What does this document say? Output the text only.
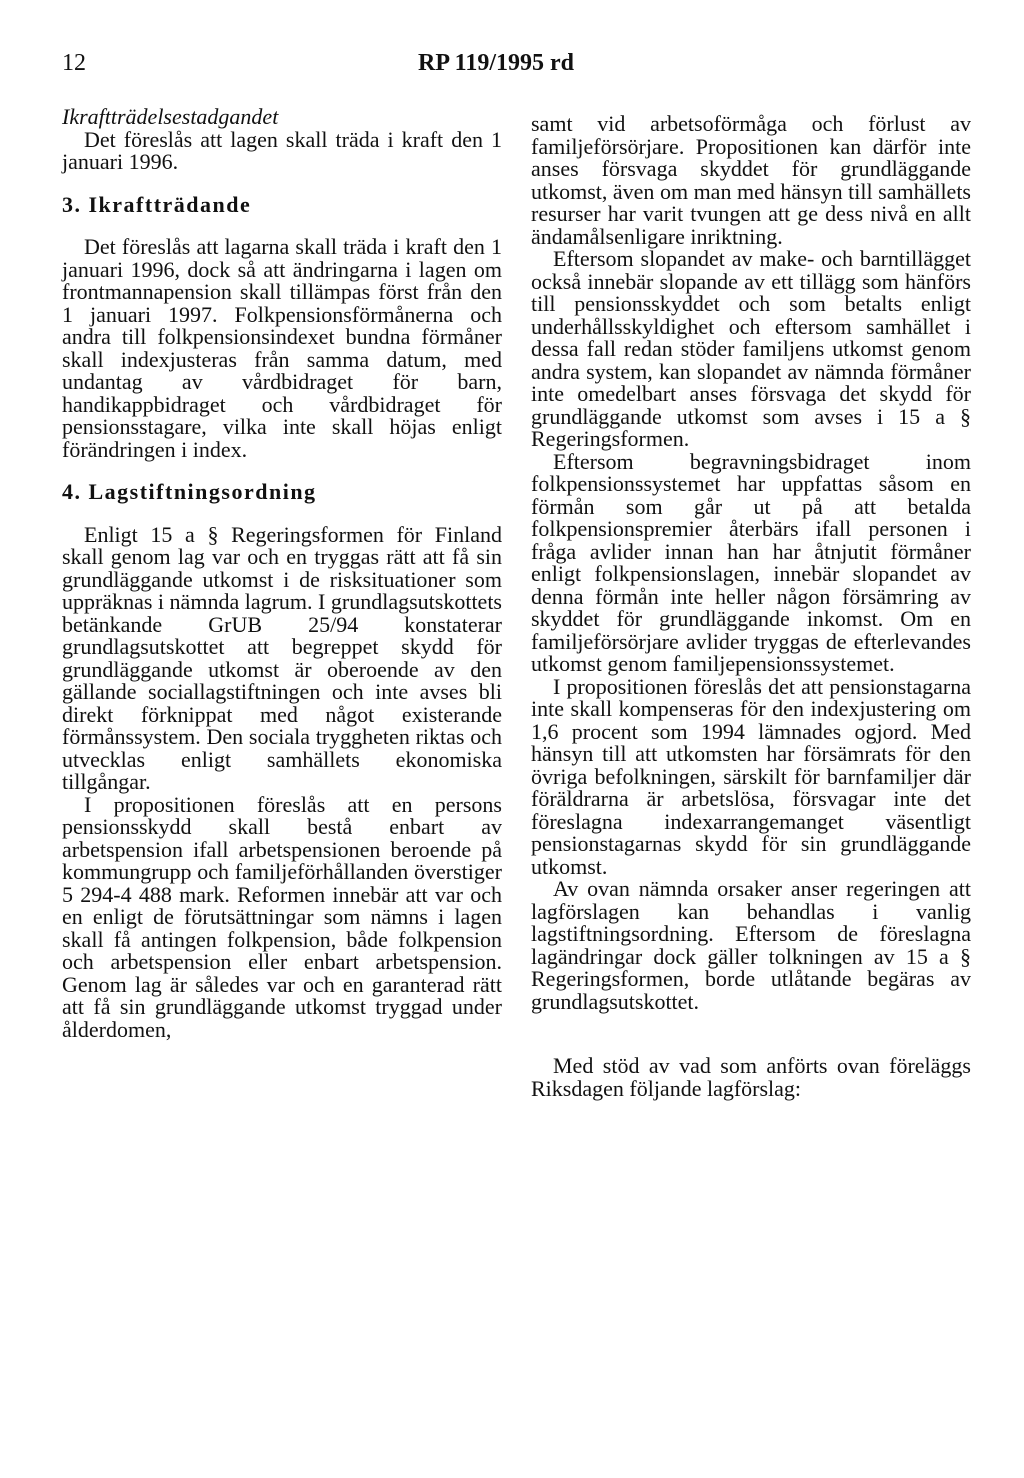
12	RP 119/1995 rd

Ikraftträdelsestadgandet

Det föreslås att lagen skall träda i kraft den 1 januari 1996.

3. Ikraftträdande

Det föreslås att lagarna skall träda i kraft den 1 januari 1996, dock så att ändringarna i lagen om frontmannapension skall tillämpas först från den 1 januari 1997. Folkpensionsförmånerna och andra till folkpensionsindexet bundna förmåner skall indexjusteras från samma datum, med undantag av vårdbidraget för barn, handikappbidraget och vårdbidraget för pensionsstagare, vilka inte skall höjas enligt förändringen i index.

4. Lagstiftningsordning

Enligt 15 a § Regeringsformen för Finland skall genom lag var och en tryggas rätt att få sin grundläggande utkomst i de risksituationer som uppräknas i nämnda lagrum. I grundlagsutskottets betänkande GrUB 25/94 konstaterar grundlagsutskottet att begreppet skydd för grundläggande utkomst är oberoende av den gällande sociallagstiftningen och inte avses bli direkt förknippat med något existerande förmånssystem. Den sociala tryggheten riktas och utvecklas enligt samhällets ekonomiska tillgångar.

I propositionen föreslås att en persons pensionsskydd skall bestå enbart av arbetspension ifall arbetspensionen beroende på kommungrupp och familjeförhållanden överstiger 5 294-4 488 mark. Reformen innebär att var och en enligt de förutsättningar som nämns i lagen skall få antingen folkpension, både folkpension och arbetspension eller enbart arbetspension. Genom lag är således var och en garanterad rätt att få sin grundläggande utkomst tryggad under ålderdomen,

samt vid arbetsoförmåga och förlust av familjeförsörjare. Propositionen kan därför inte anses försvaga skyddet för grundläggande utkomst, även om man med hänsyn till samhällets resurser har varit tvungen att ge dess nivå en allt ändamålsenligare inriktning.

Eftersom slopandet av make- och barntillägget också innebär slopande av ett tillägg som hänförs till pensionsskyddet och som betalts enligt underhållsskyldighet och eftersom samhället i dessa fall redan stöder familjens utkomst genom andra system, kan slopandet av nämnda förmåner inte omedelbart anses försvaga det skydd för grundläggande utkomst som avses i 15 a § Regeringsformen.

Eftersom begravningsbidraget inom folkpensionssystemet har uppfattas såsom en förmån som går ut på att betalda folkpensionspremier återbärs ifall personen i fråga avlider innan han har åtnjutit förmåner enligt folkpensionslagen, innebär slopandet av denna förmån inte heller någon försämring av skyddet för grundläggande inkomst. Om en familjeförsörjare avlider tryggas de efterlevandes utkomst genom familjepensionssystemet.

I propositionen föreslås det att pensionstagarna inte skall kompenseras för den indexjustering om 1,6 procent som 1994 lämnades ogjord. Med hänsyn till att utkomsten har försämrats för den övriga befolkningen, särskilt för barnfamiljer där föräldrarna är arbetslösa, försvagar inte det föreslagna indexarrangemanget väsentligt pensionstagarnas skydd för sin grundläggande utkomst.

Av ovan nämnda orsaker anser regeringen att lagförslagen kan behandlas i vanlig lagstiftningsordning. Eftersom de föreslagna lagändringar dock gäller tolkningen av 15 a § Regeringsformen, borde utlåtande begäras av grundlagsutskottet.

Med stöd av vad som anförts ovan föreläggs Riksdagen följande lagförslag:
